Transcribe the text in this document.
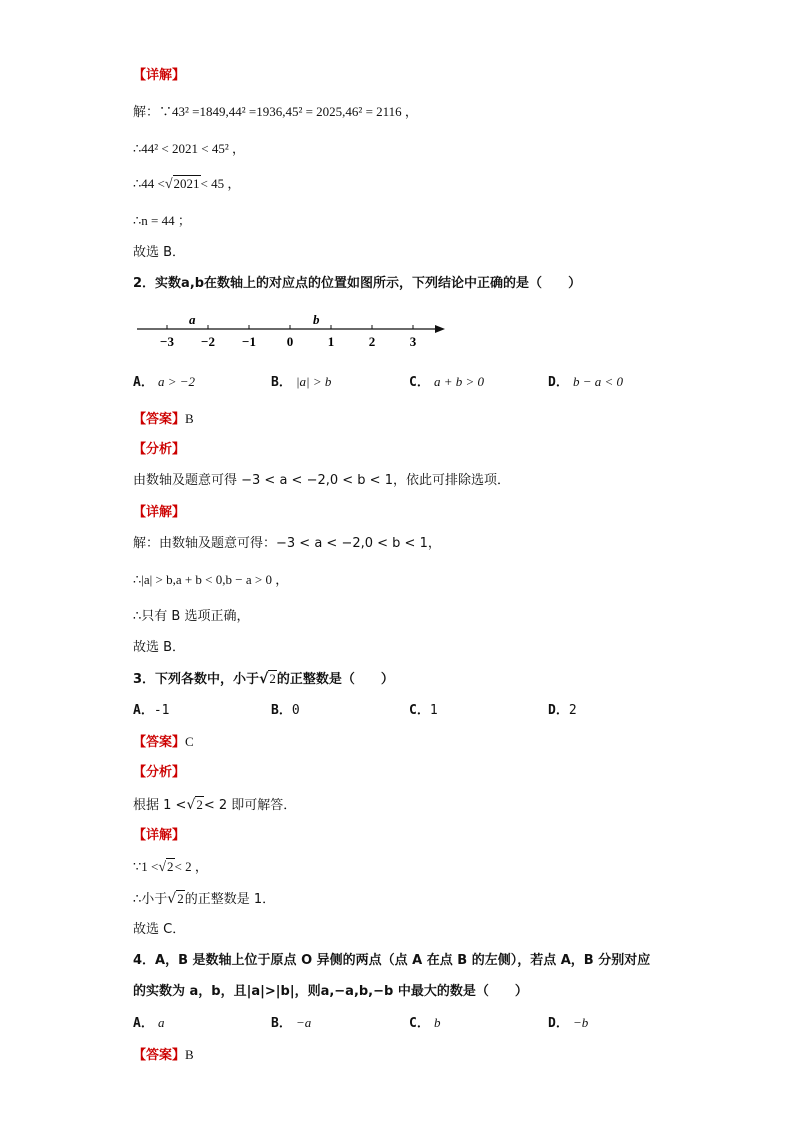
【详解】
解：∵43² =1849,44² =1936,45² = 2025,46² = 2116 ，
∴44² < 2021 < 45² ，
∴44 <√2021< 45 ，
∴n = 44 ；
故选 B．
2．实数a,b在数轴上的对应点的位置如图所示，下列结论中正确的是（　　）
−3 −2 −1 0	1	2	3
a	b
A． a > −2	B． |a| > b	C． a + b > 0	D． b − a < 0
【答案】B
【分析】
由数轴及题意可得 −3 < a < −2,0 < b < 1，依此可排除选项．
【详解】
解：由数轴及题意可得：−3 < a < −2,0 < b < 1，
∴|a| > b,a + b < 0,b − a > 0 ，
∴只有 B 选项正确，
故选 B．
3．下列各数中，小于√2的正整数是（　　）
A．-1	B．0	C．1	D．2
【答案】C
【分析】
根据 1 <√2< 2 即可解答．
【详解】
∵1 <√2< 2 ，
∴小于√2的正整数是 1．
故选 C．
4．A，B 是数轴上位于原点 O 异侧的两点（点 A 在点 B 的左侧），若点 A，B 分别对应
的实数为 a，b，且|a|>|b|，则a,−a,b,−b 中最大的数是（　　）
A． a	B． −a	C． b	D． −b
【答案】B
